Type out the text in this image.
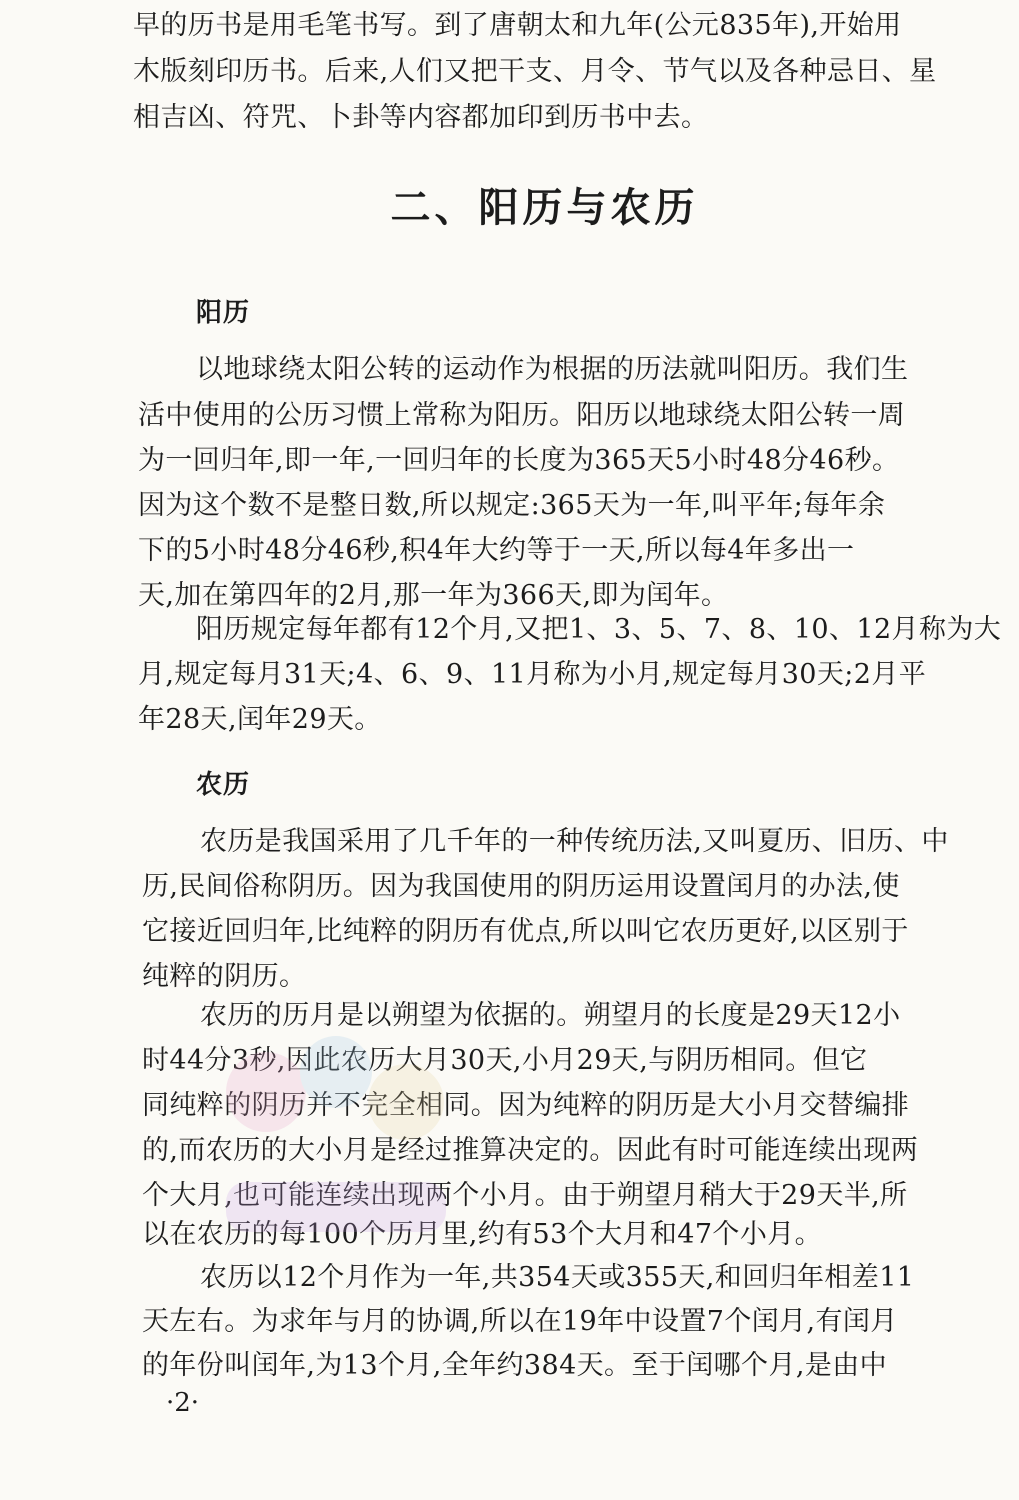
早的历书是用毛笔书写。到了唐朝太和九年(公元835年),开始用
木版刻印历书。后来,人们又把干支、月令、节气以及各种忌日、星
相吉凶、符咒、卜卦等内容都加印到历书中去。
二、阳历与农历
阳历
以地球绕太阳公转的运动作为根据的历法就叫阳历。我们生
活中使用的公历习惯上常称为阳历。阳历以地球绕太阳公转一周
为一回归年,即一年,一回归年的长度为365天5小时48分46秒。
因为这个数不是整日数,所以规定:365天为一年,叫平年;每年余
下的5小时48分46秒,积4年大约等于一天,所以每4年多出一
天,加在第四年的2月,那一年为366天,即为闰年。
阳历规定每年都有12个月,又把1、3、5、7、8、10、12月称为大
月,规定每月31天;4、6、9、11月称为小月,规定每月30天;2月平
年28天,闰年29天。
农历
农历是我国采用了几千年的一种传统历法,又叫夏历、旧历、中
历,民间俗称阴历。因为我国使用的阴历运用设置闰月的办法,使
它接近回归年,比纯粹的阴历有优点,所以叫它农历更好,以区别于
纯粹的阴历。
农历的历月是以朔望为依据的。朔望月的长度是29天12小
时44分3秒,因此农历大月30天,小月29天,与阴历相同。但它
同纯粹的阴历并不完全相同。因为纯粹的阴历是大小月交替编排
的,而农历的大小月是经过推算决定的。因此有时可能连续出现两
个大月,也可能连续出现两个小月。由于朔望月稍大于29天半,所
以在农历的每100个历月里,约有53个大月和47个小月。
农历以12个月作为一年,共354天或355天,和回归年相差11
天左右。为求年与月的协调,所以在19年中设置7个闰月,有闰月
的年份叫闰年,为13个月,全年约384天。至于闰哪个月,是由中
·2·
